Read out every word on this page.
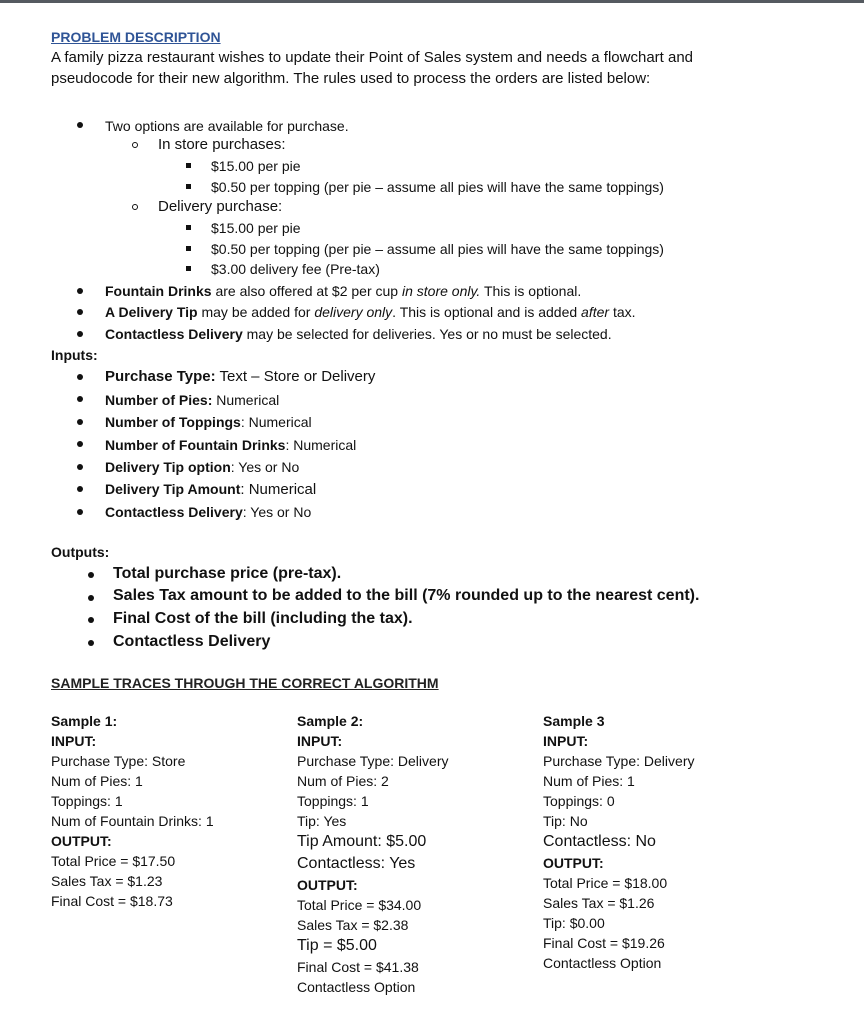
PROBLEM DESCRIPTION
A family pizza restaurant wishes to update their Point of Sales system and needs a flowchart and
pseudocode for their new algorithm. The rules used to process the orders are listed below:
Two options are available for purchase.
In store purchases:
$15.00 per pie
$0.50 per topping (per pie – assume all pies will have the same toppings)
Delivery purchase:
$15.00 per pie
$0.50 per topping (per pie – assume all pies will have the same toppings)
$3.00 delivery fee (Pre-tax)
Fountain Drinks are also offered at $2 per cup in store only. This is optional.
A Delivery Tip may be added for delivery only. This is optional and is added after tax.
Contactless Delivery may be selected for deliveries. Yes or no must be selected.
Inputs:
Purchase Type: Text – Store or Delivery
Number of Pies: Numerical
Number of Toppings: Numerical
Number of Fountain Drinks: Numerical
Delivery Tip option: Yes or No
Delivery Tip Amount: Numerical
Contactless Delivery: Yes or No
Outputs:
Total purchase price (pre-tax).
Sales Tax amount to be added to the bill (7% rounded up to the nearest cent).
Final Cost of the bill (including the tax).
Contactless Delivery
SAMPLE TRACES THROUGH THE CORRECT ALGORITHM
Sample 1:
INPUT:
Purchase Type: Store
Num of Pies: 1
Toppings: 1
Num of Fountain Drinks: 1
OUTPUT:
Total Price = $17.50
Sales Tax = $1.23
Final Cost = $18.73
Sample 2:
INPUT:
Purchase Type: Delivery
Num of Pies: 2
Toppings: 1
Tip: Yes
Tip Amount: $5.00
Contactless: Yes
OUTPUT:
Total Price = $34.00
Sales Tax = $2.38
Tip = $5.00
Final Cost = $41.38
Contactless Option
Sample 3
INPUT:
Purchase Type: Delivery
Num of Pies: 1
Toppings: 0
Tip: No
Contactless: No
OUTPUT:
Total Price = $18.00
Sales Tax = $1.26
Tip: $0.00
Final Cost = $19.26
Contactless Option
